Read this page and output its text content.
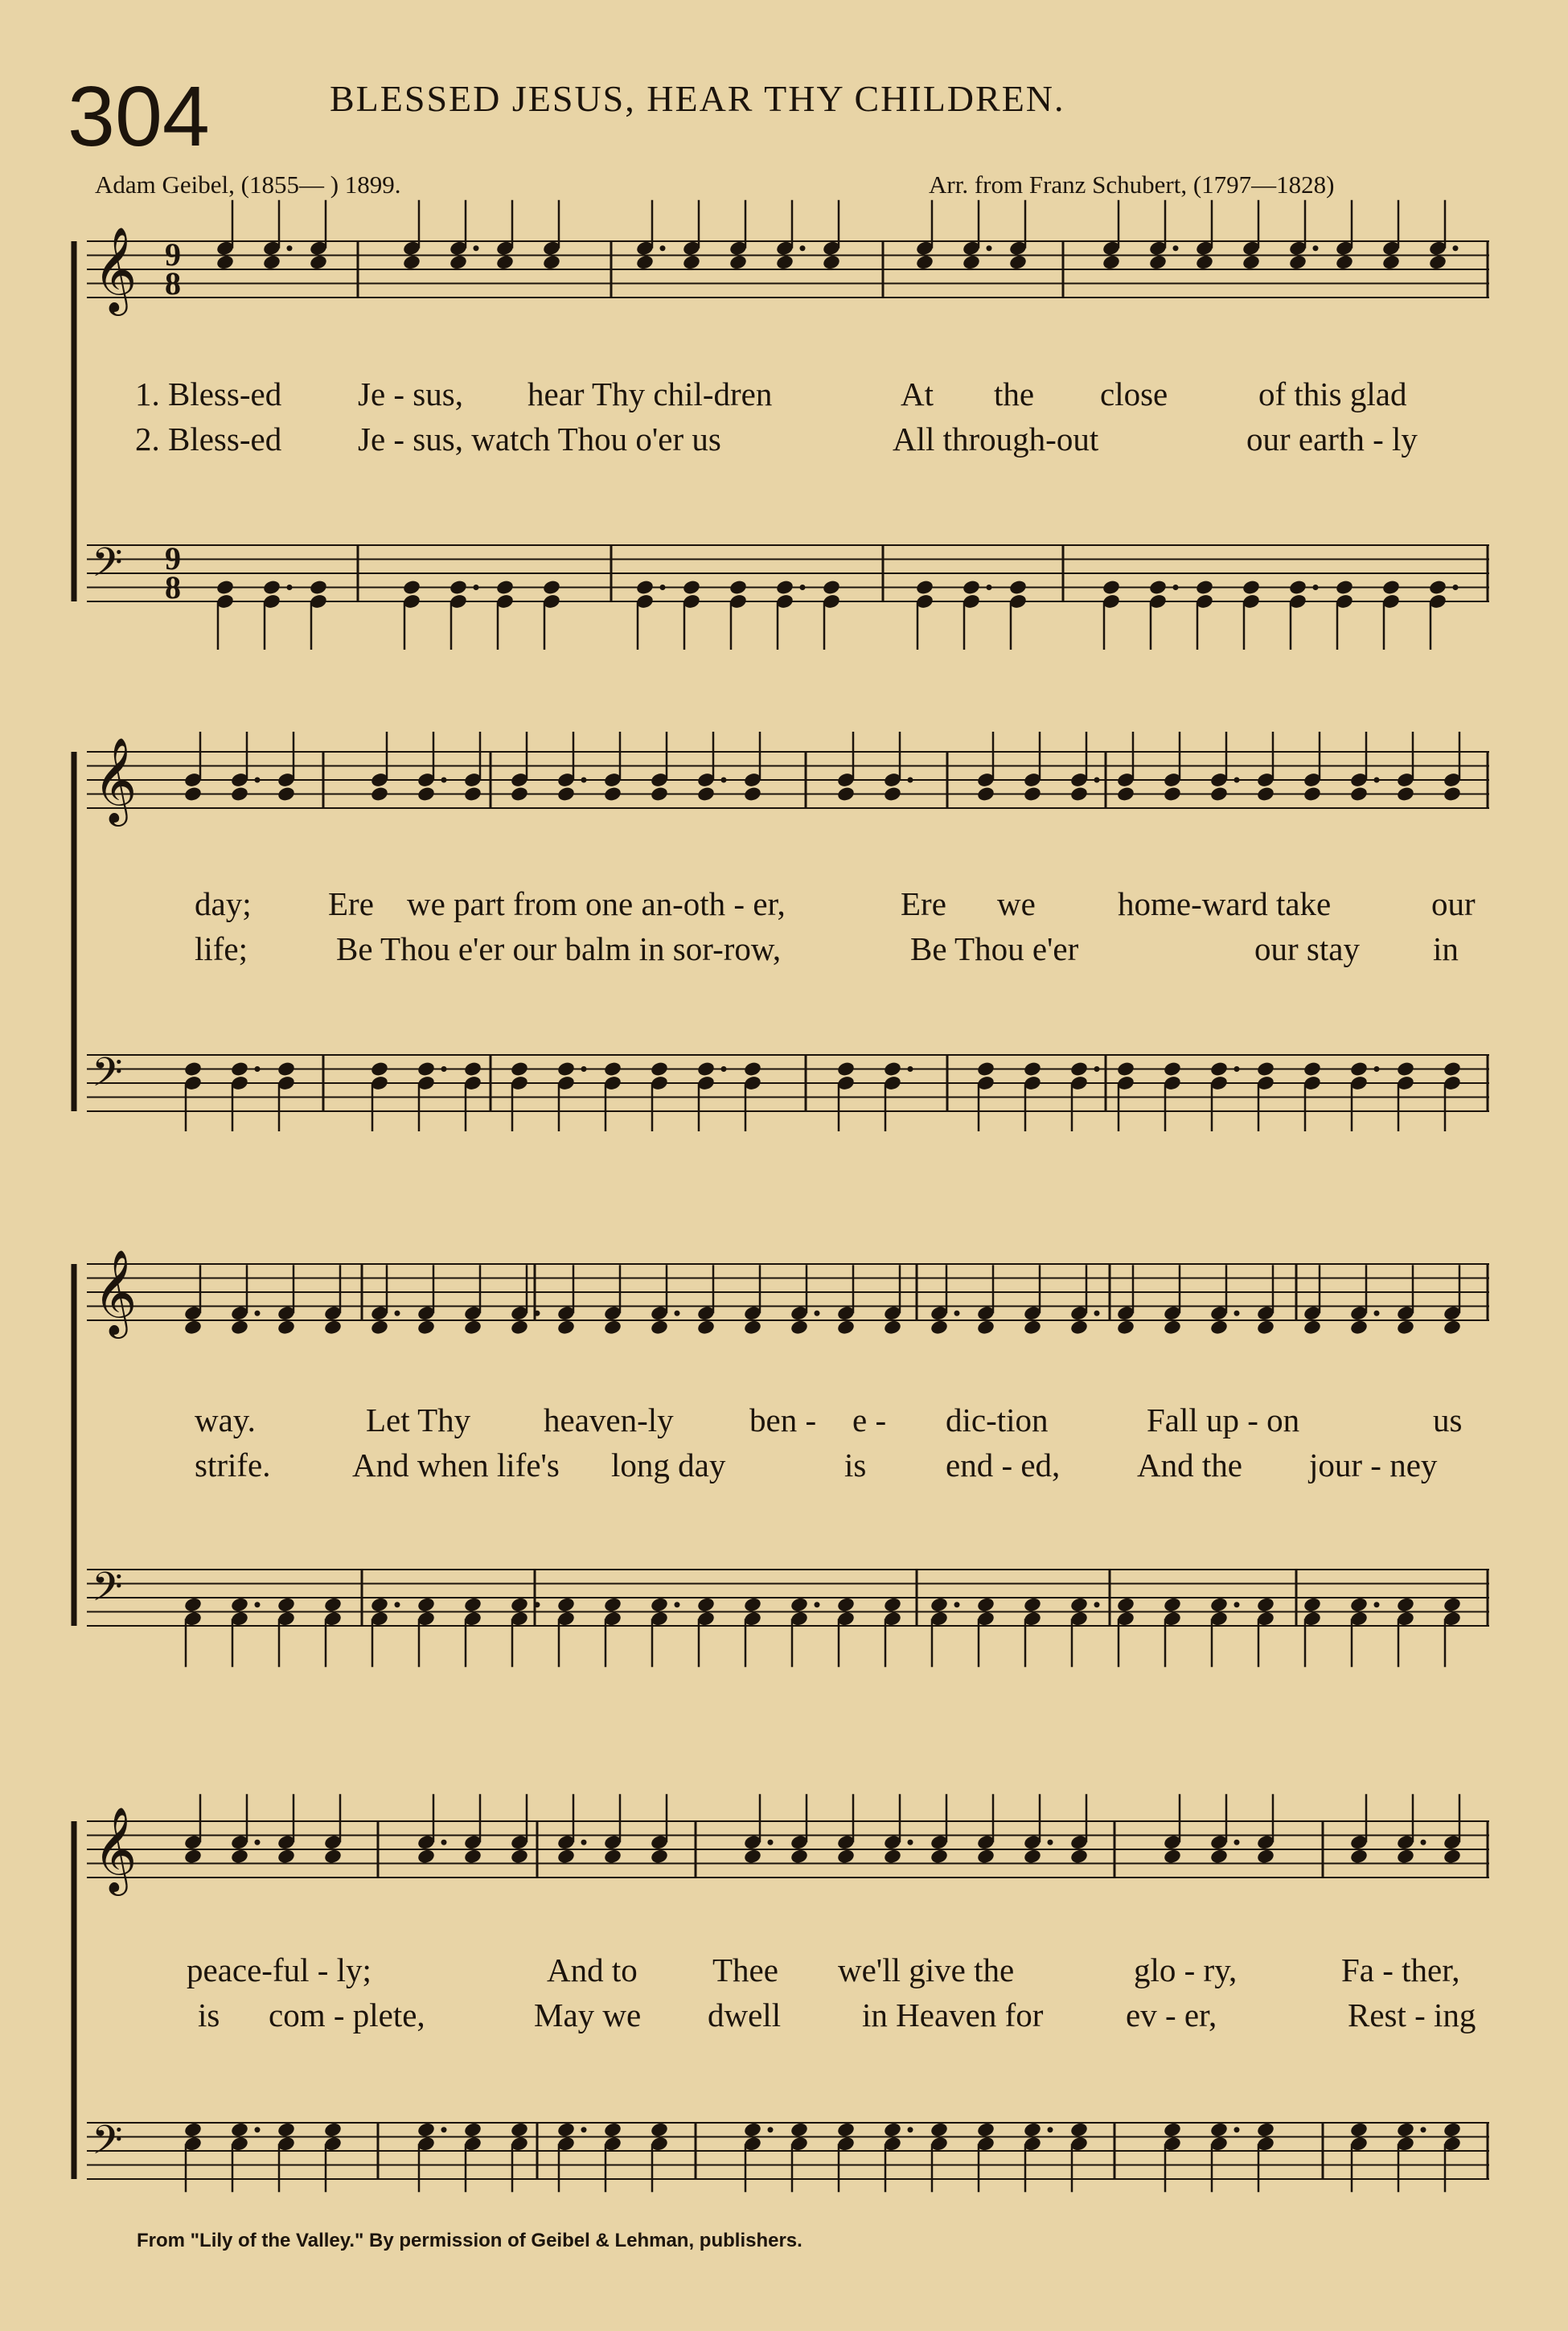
304	BLESSED JESUS, HEAR THY CHILDREN.
Adam Geibel, (1855— ) 1899.	Arr. from Franz Schubert, (1797—1828)
𝄞 9
8
𝄢 9
8
𝄞
𝄢
𝄞
𝄢
𝄞
𝄢
1. Bless-ed Je - sus, hear Thy chil-dren	At the close	of this glad
2. Bless-ed Je - sus, watch Thou o'er us	All through-out	our earth - ly
day; Ere we part from one an-oth - er,	Ere we home-ward take	our
life;	Be Thou e'er our balm in sor-row,	Be Thou e'er	our stay in
way.	Let Thy heaven-ly ben - e - dic-tion	Fall up - on	us
strife. And when life's long day	is end - ed, And the jour - ney
peace-ful - ly;	And to Thee we'll give the	glo - ry,	Fa - ther,
is com - plete,	May we dwell in Heaven for	ev - er,	Rest - ing
From "Lily of the Valley." By permission of Geibel & Lehman, publishers.
